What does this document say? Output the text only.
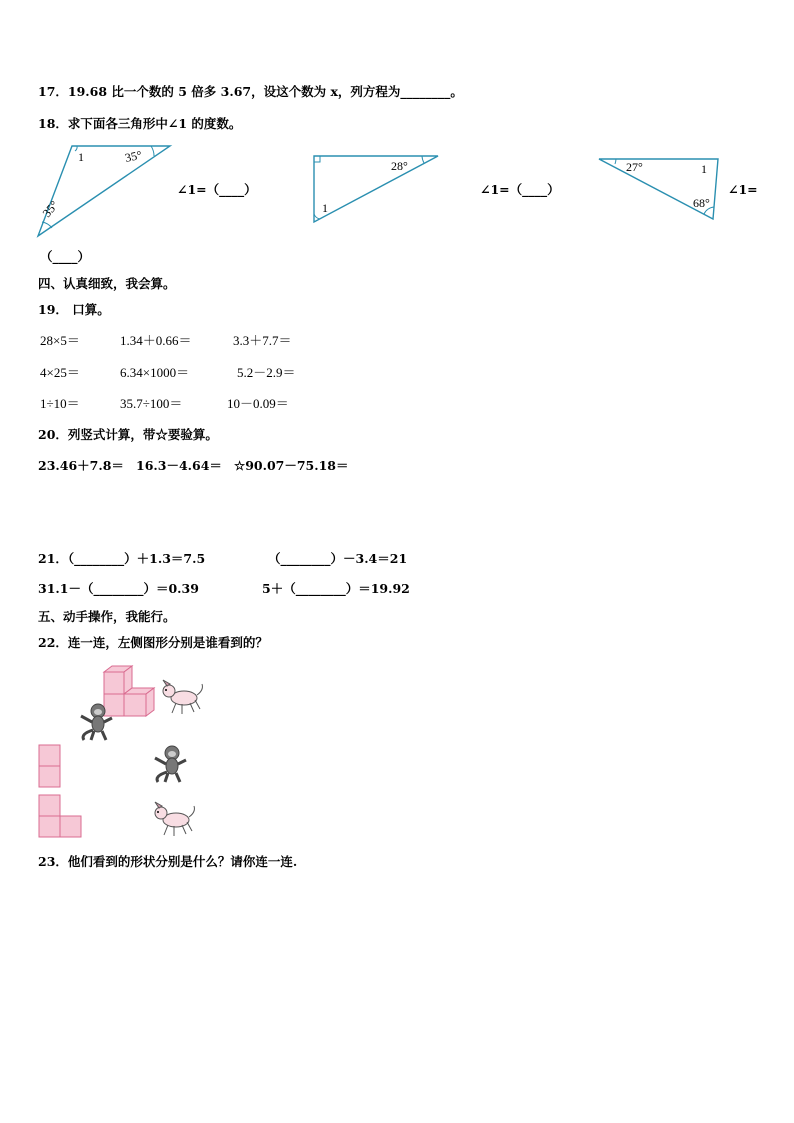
17．19.68 比一个数的 5 倍多 3.67，设这个数为 x，列方程为________。
18．求下面各三角形中∠1 的度数。
1	35°
35°
∠1=（____）
28°
1
∠1=（____）
27°	1
68°
∠1=
（____）
四、认真细致，我会算。
19． 口算。
28×5＝	1.34＋0.66＝	3.3＋7.7＝
4×25＝	6.34×1000＝	5.2－2.9＝
1÷10＝	35.7÷100＝	10－0.09＝
20．列竖式计算，带☆要验算。
23.46＋7.8＝ 16.3－4.64＝ ☆90.07－75.18＝
21．（________）＋1.3＝7.5	（________）－3.4＝21
31.1－（________）＝0.39	5＋（________）＝19.92
五、动手操作，我能行。
22．连一连，左侧图形分别是谁看到的？
23．他们看到的形状分别是什么？请你连一连.
